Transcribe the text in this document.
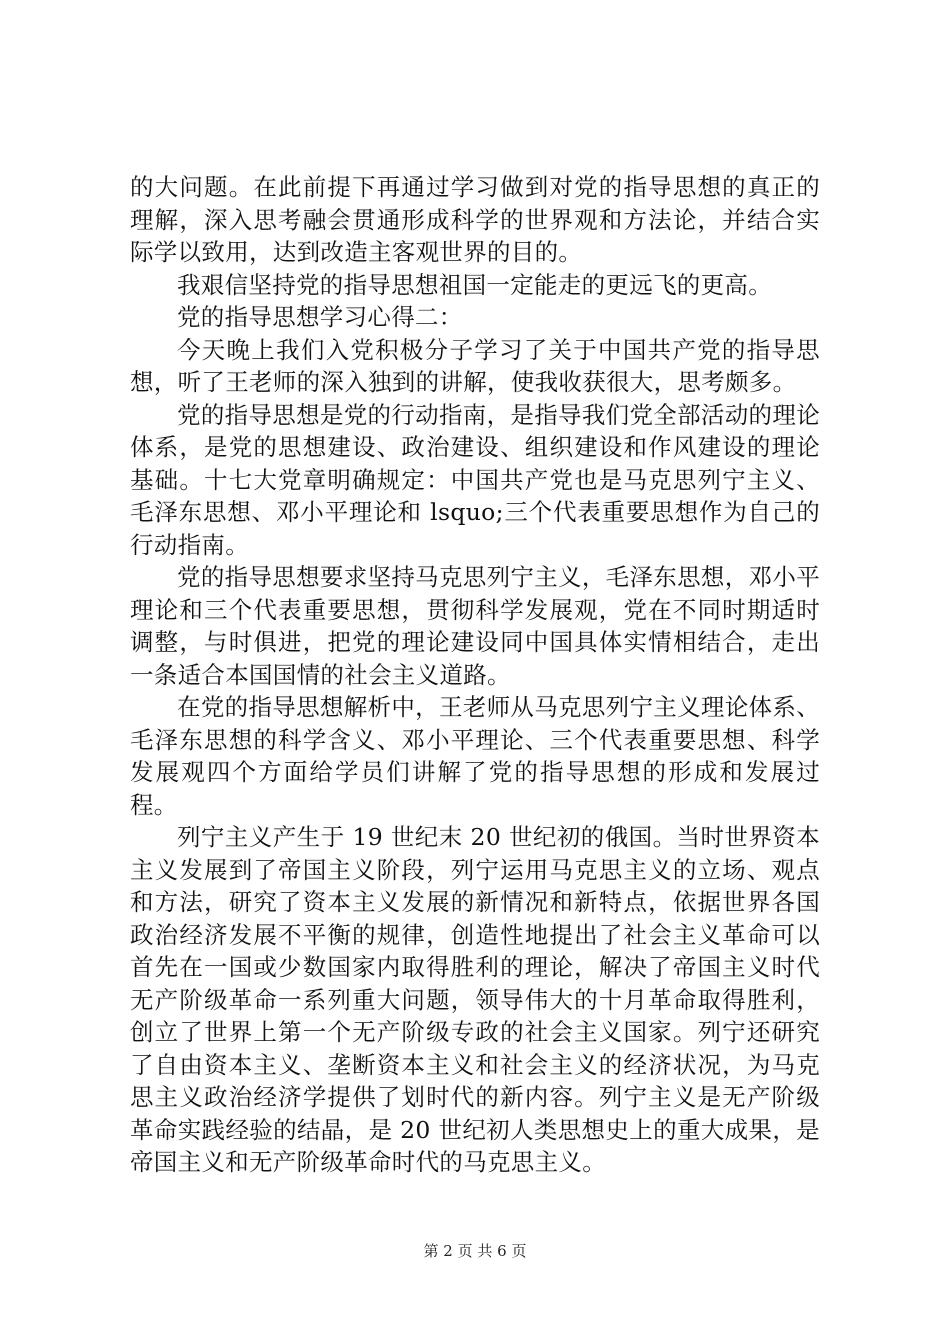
的大问题。在此前提下再通过学习做到对党的指导思想的真正的理解，深入思考融会贯通形成科学的世界观和方法论，并结合实际学以致用，达到改造主客观世界的目的。

我艰信坚持党的指导思想祖国一定能走的更远飞的更高。

党的指导思想学习心得二：

今天晚上我们入党积极分子学习了关于中国共产党的指导思想，听了王老师的深入独到的讲解，使我收获很大，思考颇多。

党的指导思想是党的行动指南，是指导我们党全部活动的理论体系，是党的思想建设、政治建设、组织建设和作风建设的理论基础。十七大党章明确规定：中国共产党也是马克思列宁主义、毛泽东思想、邓小平理论和 lsquo;三个代表重要思想作为自己的行动指南。

党的指导思想要求坚持马克思列宁主义，毛泽东思想，邓小平理论和三个代表重要思想，贯彻科学发展观，党在不同时期适时调整，与时俱进，把党的理论建设同中国具体实情相结合，走出一条适合本国国情的社会主义道路。

在党的指导思想解析中，王老师从马克思列宁主义理论体系、毛泽东思想的科学含义、邓小平理论、三个代表重要思想、科学发展观四个方面给学员们讲解了党的指导思想的形成和发展过程。

列宁主义产生于 19 世纪末 20 世纪初的俄国。当时世界资本主义发展到了帝国主义阶段，列宁运用马克思主义的立场、观点和方法，研究了资本主义发展的新情况和新特点，依据世界各国政治经济发展不平衡的规律，创造性地提出了社会主义革命可以首先在一国或少数国家内取得胜利的理论，解决了帝国主义时代无产阶级革命一系列重大问题，领导伟大的十月革命取得胜利，创立了世界上第一个无产阶级专政的社会主义国家。列宁还研究了自由资本主义、垄断资本主义和社会主义的经济状况，为马克思主义政治经济学提供了划时代的新内容。列宁主义是无产阶级革命实践经验的结晶，是 20 世纪初人类思想史上的重大成果，是帝国主义和无产阶级革命时代的马克思主义。

第 2 页 共 6 页
